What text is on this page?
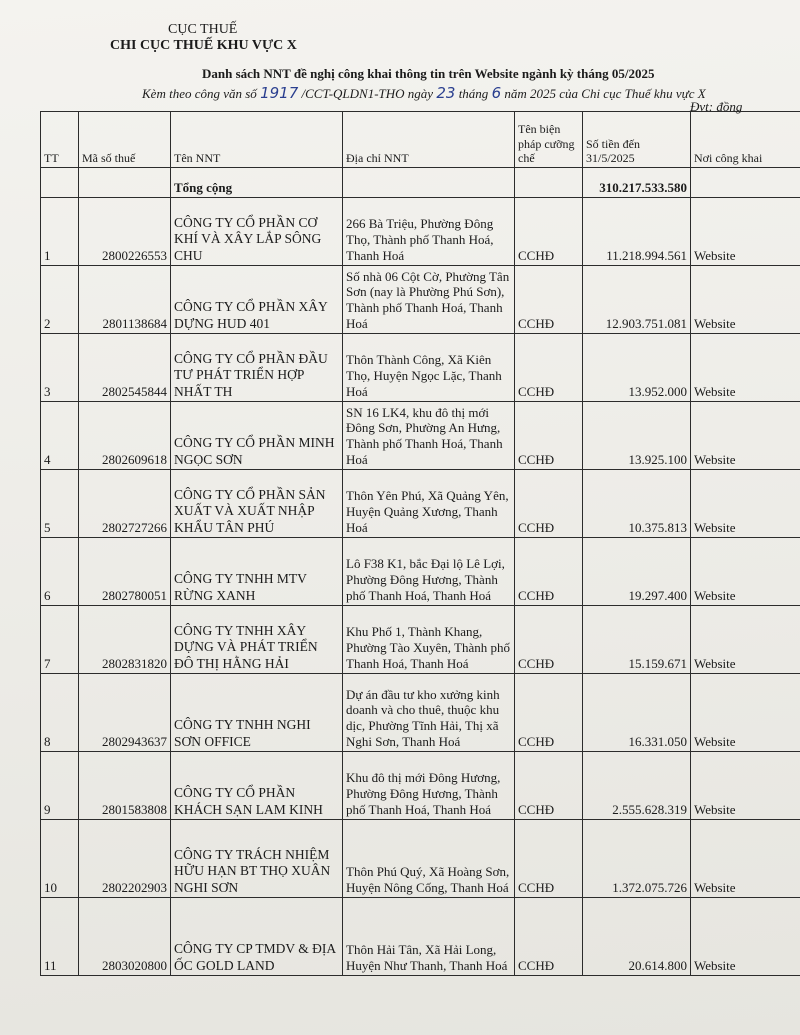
CỤC THUẾ
CHI CỤC THUẾ KHU VỰC X
Danh sách NNT đề nghị công khai thông tin trên Website ngành kỳ tháng 05/2025
Kèm theo công văn số 1917 /CCT-QLDN1-THO ngày 23 tháng 6 năm 2025 của Chi cục Thuế khu vực X
Đvt: đồng
TT	Mã số thuế	Tên NNT	Địa chỉ NNT	Tên biện pháp cưỡng chế	Số tiền đến 31/5/2025	Nơi công khai
		Tổng cộng			310.217.533.580	
1	2800226553	CÔNG TY CỔ PHẦN CƠ KHÍ VÀ XÂY LẮP SÔNG CHU	266 Bà Triệu, Phường Đông Thọ, Thành phố Thanh Hoá, Thanh Hoá	CCHĐ	11.218.994.561	Website
2	2801138684	CÔNG TY CỔ PHẦN XÂY DỰNG HUD 401	Số nhà 06 Cột Cờ, Phường Tân Sơn (nay là Phường Phú Sơn), Thành phố Thanh Hoá, Thanh Hoá	CCHĐ	12.903.751.081	Website
3	2802545844	CÔNG TY CỔ PHẦN ĐẦU TƯ PHÁT TRIỂN HỢP NHẤT TH	Thôn Thành Công, Xã Kiên Thọ, Huyện Ngọc Lặc, Thanh Hoá	CCHĐ	13.952.000	Website
4	2802609618	CÔNG TY CỔ PHẦN MINH NGỌC SƠN	SN 16 LK4, khu đô thị mới Đông Sơn, Phường An Hưng, Thành phố Thanh Hoá, Thanh Hoá	CCHĐ	13.925.100	Website
5	2802727266	CÔNG TY CỔ PHẦN SẢN XUẤT VÀ XUẤT NHẬP KHẨU TÂN PHÚ	Thôn Yên Phú, Xã Quảng Yên, Huyện Quảng Xương, Thanh Hoá	CCHĐ	10.375.813	Website
6	2802780051	CÔNG TY TNHH MTV RỪNG XANH	Lô F38 K1, bắc Đại lộ Lê Lợi, Phường Đông Hương, Thành phố Thanh Hoá, Thanh Hoá	CCHĐ	19.297.400	Website
7	2802831820	CÔNG TY TNHH XÂY DỰNG VÀ PHÁT TRIỂN ĐÔ THỊ HẰNG HẢI	Khu Phố 1, Thành Khang, Phường Tào Xuyên, Thành phố Thanh Hoá, Thanh Hoá	CCHĐ	15.159.671	Website
8	2802943637	CÔNG TY TNHH NGHI SƠN OFFICE	Dự án đầu tư kho xưởng kinh doanh và cho thuê, thuộc khu dịc, Phường Tĩnh Hải, Thị xã Nghi Sơn, Thanh Hoá	CCHĐ	16.331.050	Website
9	2801583808	CÔNG TY CỔ PHẦN KHÁCH SẠN LAM KINH	Khu đô thị mới Đông Hương, Phường Đông Hương, Thành phố Thanh Hoá, Thanh Hoá	CCHĐ	2.555.628.319	Website
10	2802202903	CÔNG TY TRÁCH NHIỆM HỮU HẠN BT THỌ XUÂN NGHI SƠN	Thôn Phú Quý, Xã Hoàng Sơn, Huyện Nông Cống, Thanh Hoá	CCHĐ	1.372.075.726	Website
11	2803020800	CÔNG TY CP TMDV & ĐỊA ỐC GOLD LAND	Thôn Hải Tân, Xã Hải Long, Huyện Như Thanh, Thanh Hoá	CCHĐ	20.614.800	Website
